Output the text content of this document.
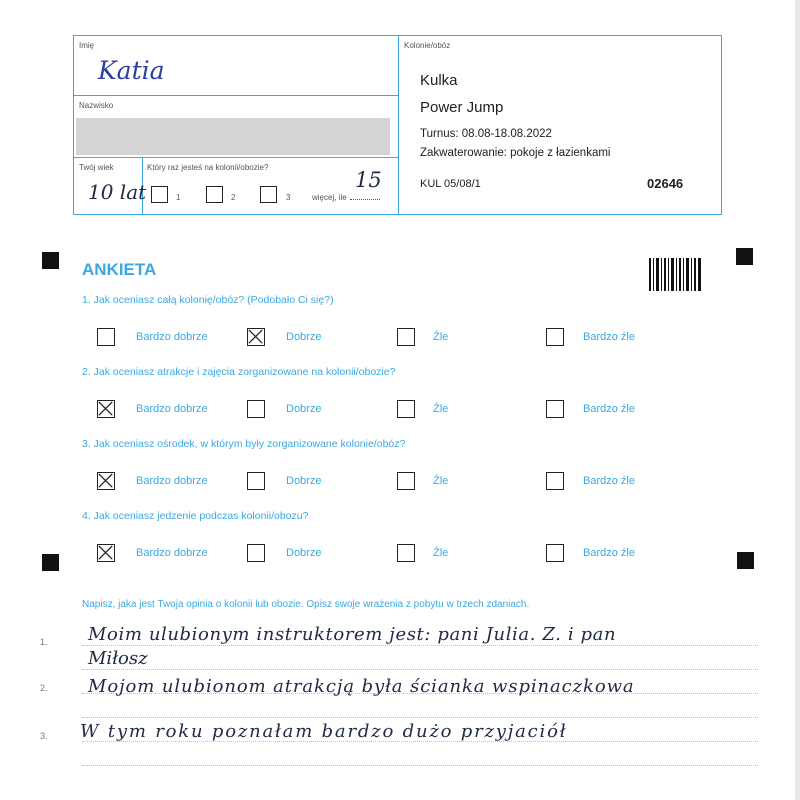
Imię
Katia
Nazwisko
Twój wiek
10 lat
Który raz jesteś na kolonii/obozie?
1	2	3	więcej, ile
15
Kolonie/obóz
Kulka
Power Jump
Turnus: 08.08-18.08.2022
Zakwaterowanie: pokoje z łazienkami
KUL 05/08/1	02646
ANKIETA
1. Jak oceniasz całą kolonię/obóz? (Podobało Ci się?)
Bardzo dobrze	Dobrze	Źle	Bardzo źle
2. Jak oceniasz atrakcje i zajęcia zorganizowane na kolonii/obozie?
Bardzo dobrze	Dobrze	Źle	Bardzo źle
3. Jak oceniasz ośrodek, w którym były zorganizowane kolonie/obóz?
Bardzo dobrze	Dobrze	Źle	Bardzo źle
4. Jak oceniasz jedzenie podczas kolonii/obozu?
Bardzo dobrze	Dobrze	Źle	Bardzo źle
Napisz, jaka jest Twoja opinia o kolonii lub obozie. Opisz swoje wrażenia z pobytu w trzech zdaniach.
1.
2.
3.
Moim ulubionym instruktorem jest: pani Julia. Z. i pan
Miłosz
Mojom ulubionom atrakcją była ścianka wspinaczkowa
W tym roku poznałam bardzo dużo przyjaciół
